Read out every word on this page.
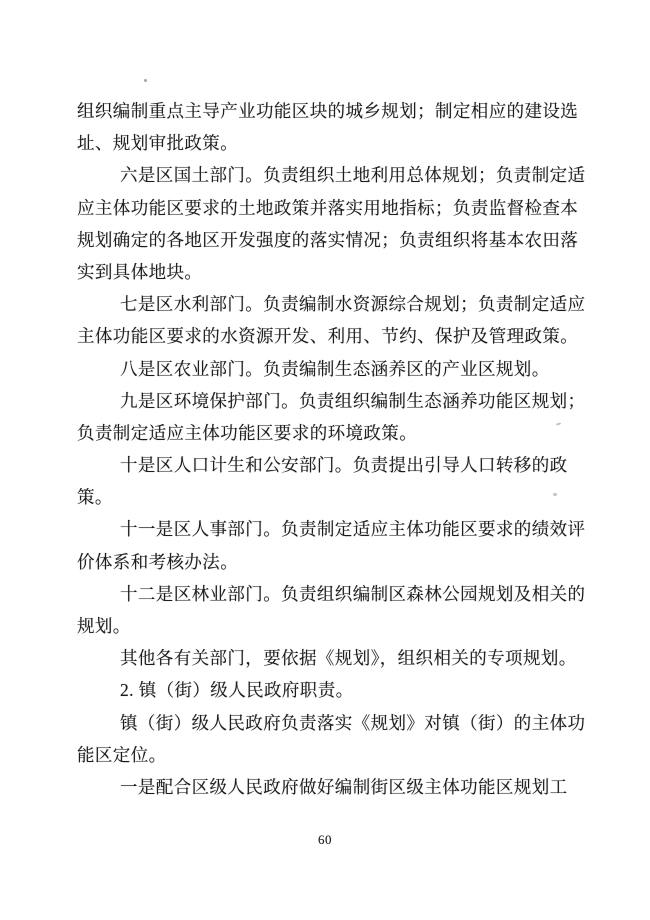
组织编制重点主导产业功能区块的城乡规划；制定相应的建设选
址、规划审批政策。
六是区国土部门。负责组织土地利用总体规划；负责制定适
应主体功能区要求的土地政策并落实用地指标；负责监督检查本
规划确定的各地区开发强度的落实情况；负责组织将基本农田落
实到具体地块。
七是区水利部门。负责编制水资源综合规划；负责制定适应
主体功能区要求的水资源开发、利用、节约、保护及管理政策。
八是区农业部门。负责编制生态涵养区的产业区规划。
九是区环境保护部门。负责组织编制生态涵养功能区规划；
负责制定适应主体功能区要求的环境政策。
十是区人口计生和公安部门。负责提出引导人口转移的政
策。
十一是区人事部门。负责制定适应主体功能区要求的绩效评
价体系和考核办法。
十二是区林业部门。负责组织编制区森林公园规划及相关的
规划。
其他各有关部门，要依据《规划》，组织相关的专项规划。
2. 镇（街）级人民政府职责。
镇（街）级人民政府负责落实《规划》对镇（街）的主体功
能区定位。
一是配合区级人民政府做好编制街区级主体功能区规划工
60
